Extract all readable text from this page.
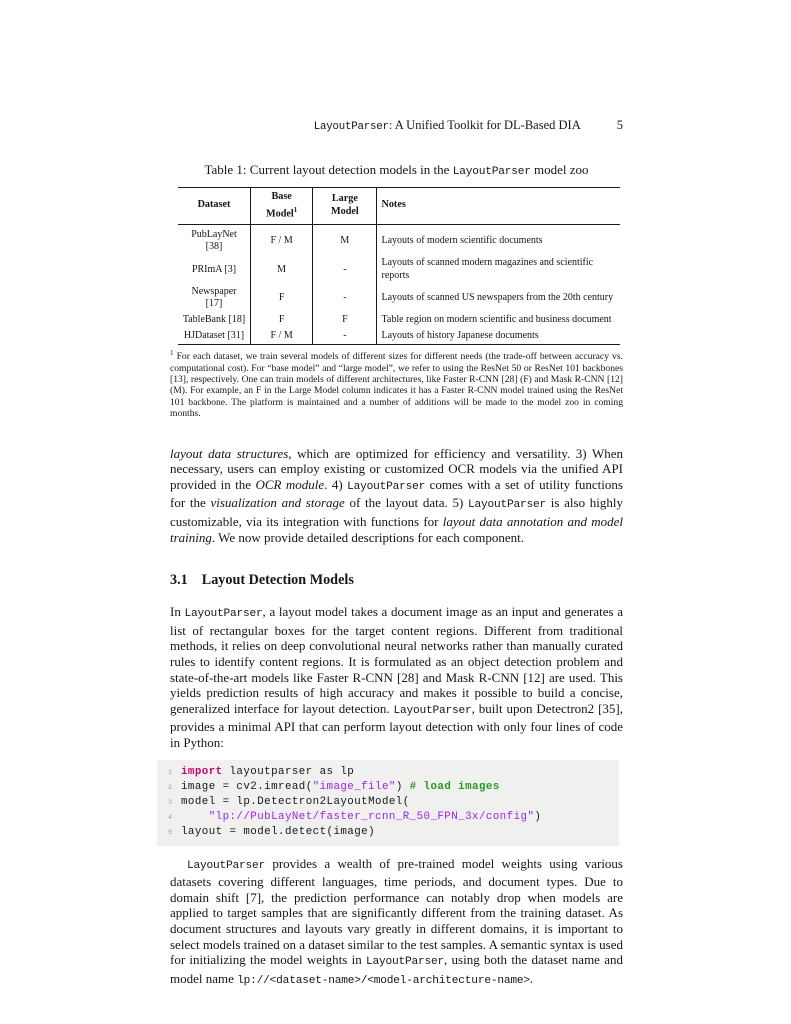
LayoutParser: A Unified Toolkit for DL-Based DIA	5
Table 1: Current layout detection models in the LayoutParser model zoo
Dataset	Base Model$^1$	Large Model	Notes
PubLayNet [38]	F / M	M	Layouts of modern scientific documents
PRImA [3]	M	-	Layouts of scanned modern magazines and scientific reports
Newspaper [17]	F	-	Layouts of scanned US newspapers from the 20th century
TableBank [18]	F	F	Table region on modern scientific and business document
HJDataset [31]	F / M	-	Layouts of history Japanese documents
$^1$ For each dataset, we train several models of different sizes for different needs (the trade-off between accuracy vs. computational cost). For “base model” and “large model”, we refer to using the ResNet 50 or ResNet 101 backbones [13], respectively. One can train models of different architectures, like Faster R-CNN [28] (F) and Mask R-CNN [12] (M). For example, an F in the Large Model column indicates it has a Faster R-CNN model trained using the ResNet 101 backbone. The platform is maintained and a number of additions will be made to the model zoo in coming months.

layout data structures, which are optimized for efficiency and versatility. 3) When necessary, users can employ existing or customized OCR models via the unified API provided in the OCR module. 4) LayoutParser comes with a set of utility functions for the visualization and storage of the layout data. 5) LayoutParser is also highly customizable, via its integration with functions for layout data annotation and model training. We now provide detailed descriptions for each component.

3.1 Layout Detection Models

In LayoutParser, a layout model takes a document image as an input and generates a list of rectangular boxes for the target content regions. Different from traditional methods, it relies on deep convolutional neural networks rather than manually curated rules to identify content regions. It is formulated as an object detection problem and state-of-the-art models like Faster R-CNN [28] and Mask R-CNN [12] are used. This yields prediction results of high accuracy and makes it possible to build a concise, generalized interface for layout detection. LayoutParser, built upon Detectron2 [35], provides a minimal API that can perform layout detection with only four lines of code in Python:

1 import layoutparser as lp
2 image = cv2.imread("image_file") # load images
3 model = lp.Detectron2LayoutModel(
4	"lp://PubLayNet/faster_rcnn_R_50_FPN_3x/config")
5 layout = model.detect(image)

LayoutParser provides a wealth of pre-trained model weights using various datasets covering different languages, time periods, and document types. Due to domain shift [7], the prediction performance can notably drop when models are applied to target samples that are significantly different from the training dataset. As document structures and layouts vary greatly in different domains, it is important to select models trained on a dataset similar to the test samples. A semantic syntax is used for initializing the model weights in LayoutParser, using both the dataset name and model name lp://<dataset-name>/<model-architecture-name>.
